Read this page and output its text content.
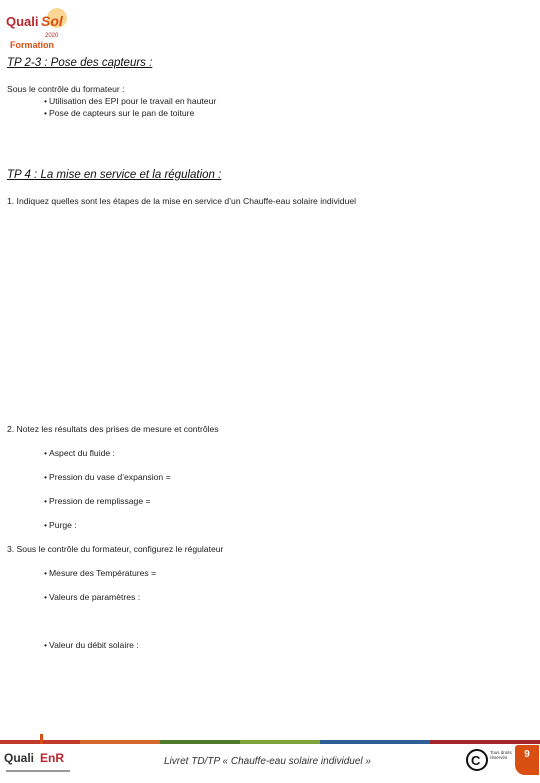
Quali Sol
2020
Formation
TP 2-3 : Pose des capteurs :
Sous le contrôle du formateur :
• Utilisation des EPI pour le travail en hauteur
• Pose de capteurs sur le pan de toiture
TP 4 : La mise en service et la régulation :
1. Indiquez quelles sont les étapes de la mise en service d’un Chauffe-eau solaire individuel
2. Notez les résultats des prises de mesure et contrôles
• Aspect du fluide :
• Pression du vase d’expansion =
• Pression de remplissage =
• Purge :
3. Sous le contrôle du formateur, configurez le régulateur
• Mesure des Températures =
• Valeurs de paramètres :
• Valeur du débit solaire :
Quali EnR	Livret TD/TP « Chauffe-eau solaire individuel »	C
Tous droits réservés	9
